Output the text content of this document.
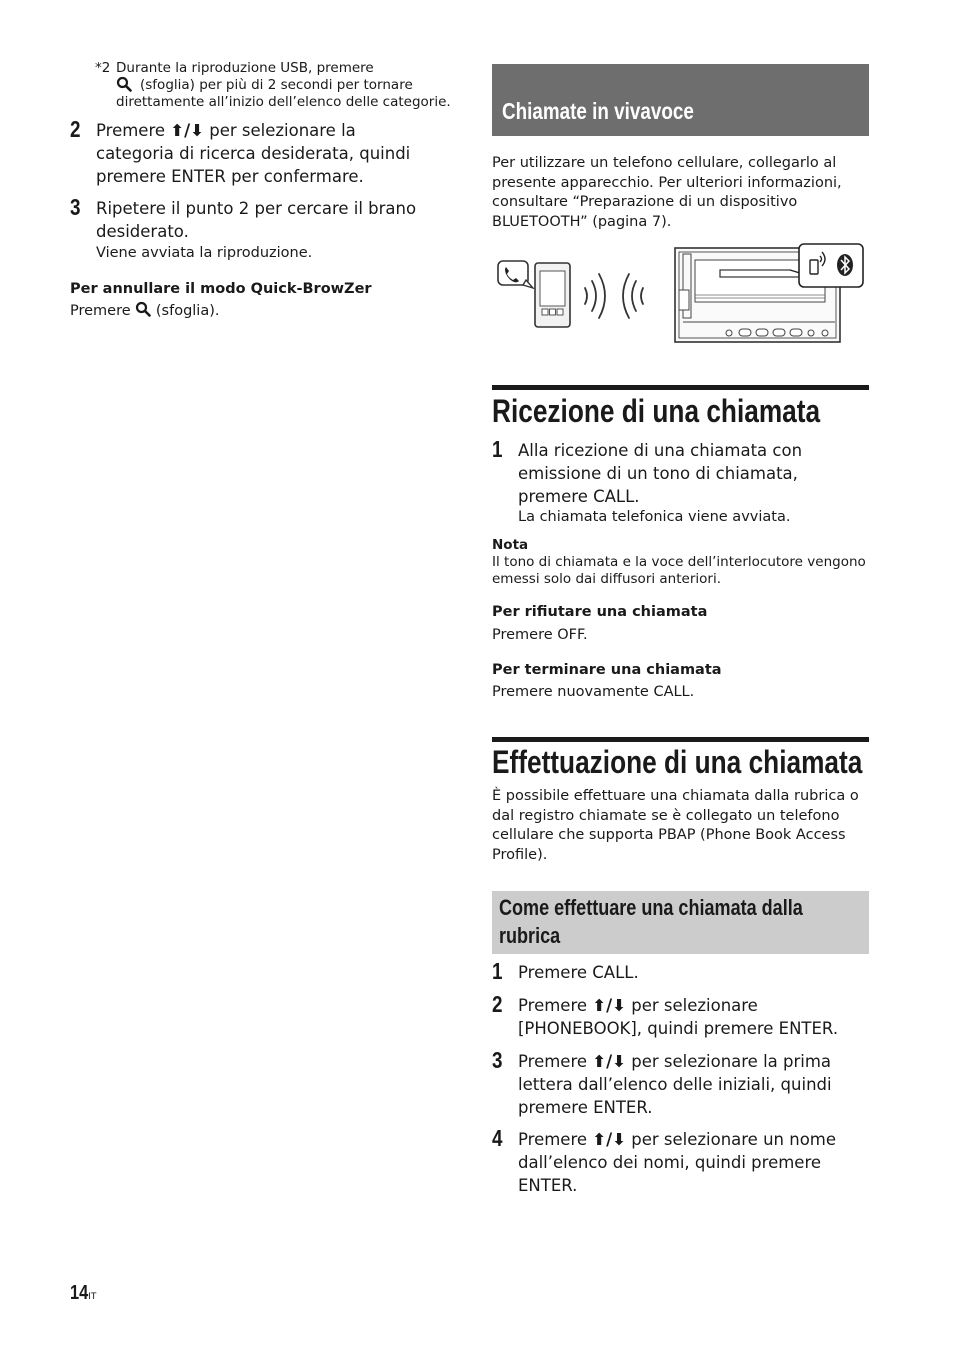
*2 Durante la riproduzione USB, premere
(sfoglia) per più di 2 secondi per tornare
direttamente all’inizio dell’elenco delle categorie.
2 Premere ⬆/⬇ per selezionare la
categoria di ricerca desiderata, quindi
premere ENTER per confermare.
3 Ripetere il punto 2 per cercare il brano
desiderato.
Viene avviata la riproduzione.
Per annullare il modo Quick-BrowZer
Premere (sfoglia).
Chiamate in vivavoce
Per utilizzare un telefono cellulare, collegarlo al
presente apparecchio. Per ulteriori informazioni,
consultare “Preparazione di un dispositivo
BLUETOOTH” (pagina 7).
Ricezione di una chiamata
1 Alla ricezione di una chiamata con
emissione di un tono di chiamata,
premere CALL.
La chiamata telefonica viene avviata.
Nota
Il tono di chiamata e la voce dell’interlocutore vengono
emessi solo dai diffusori anteriori.
Per rifiutare una chiamata
Premere OFF.
Per terminare una chiamata
Premere nuovamente CALL.
Effettuazione di una chiamata
È possibile effettuare una chiamata dalla rubrica o
dal registro chiamate se è collegato un telefono
cellulare che supporta PBAP (Phone Book Access
Profile).
Come effettuare una chiamata dalla
rubrica
1 Premere CALL.
2 Premere ⬆/⬇ per selezionare
[PHONEBOOK], quindi premere ENTER.
3 Premere ⬆/⬇ per selezionare la prima
lettera dall’elenco delle iniziali, quindi
premere ENTER.
4 Premere ⬆/⬇ per selezionare un nome
dall’elenco dei nomi, quindi premere
ENTER.
14IT
